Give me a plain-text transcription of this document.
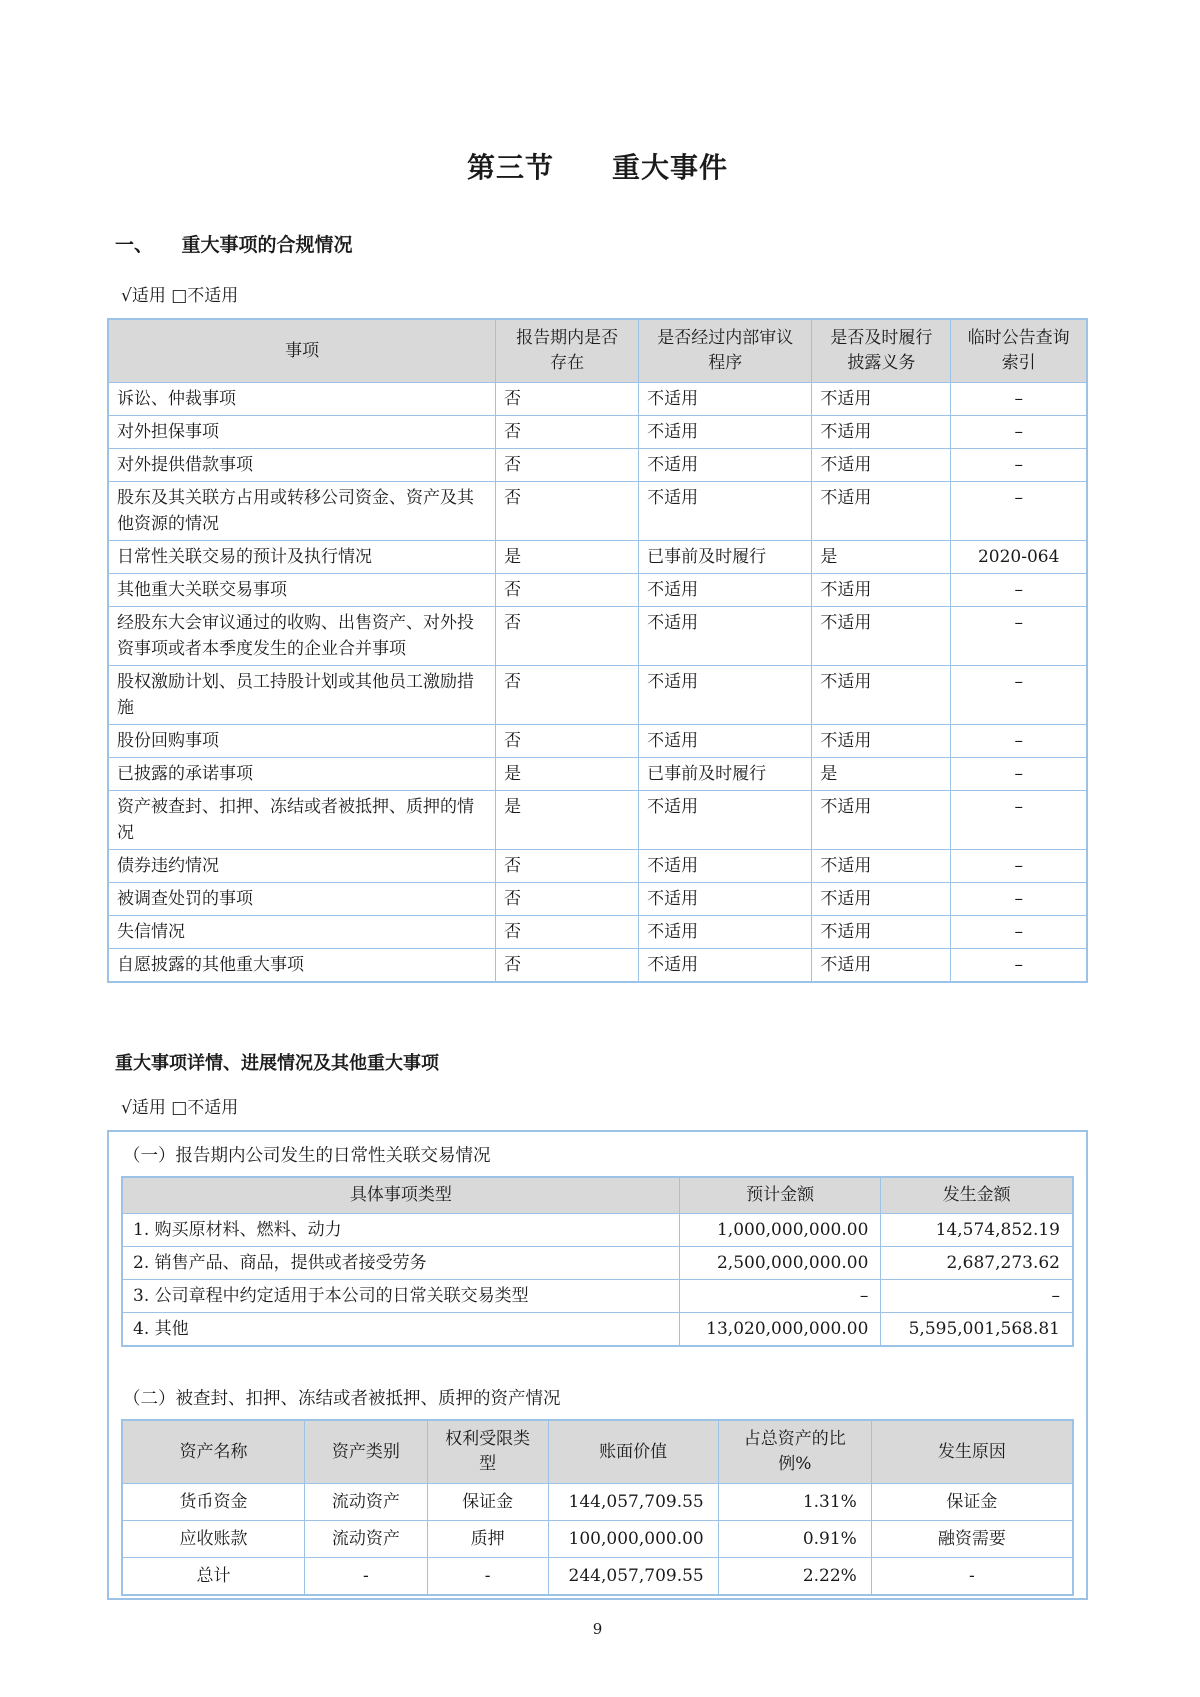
第三节　　重大事件
一、　　重大事项的合规情况
√适用 □不适用
事项	报告期内是否存在	是否经过内部审议程序	是否及时履行披露义务	临时公告查询索引
诉讼、仲裁事项	否	不适用	不适用	–
对外担保事项	否	不适用	不适用	–
对外提供借款事项	否	不适用	不适用	–
股东及其关联方占用或转移公司资金、资产及其他资源的情况	否	不适用	不适用	–
日常性关联交易的预计及执行情况	是	已事前及时履行	是	2020-064
其他重大关联交易事项	否	不适用	不适用	–
经股东大会审议通过的收购、出售资产、对外投资事项或者本季度发生的企业合并事项	否	不适用	不适用	–
股权激励计划、员工持股计划或其他员工激励措施	否	不适用	不适用	–
股份回购事项	否	不适用	不适用	–
已披露的承诺事项	是	已事前及时履行	是	–
资产被查封、扣押、冻结或者被抵押、质押的情况	是	不适用	不适用	–
债券违约情况	否	不适用	不适用	–
被调查处罚的事项	否	不适用	不适用	–
失信情况	否	不适用	不适用	–
自愿披露的其他重大事项	否	不适用	不适用	–
重大事项详情、进展情况及其他重大事项
√适用 □不适用
（一）报告期内公司发生的日常性关联交易情况
具体事项类型	预计金额	发生金额
1. 购买原材料、燃料、动力	1,000,000,000.00	14,574,852.19
2. 销售产品、商品，提供或者接受劳务	2,500,000,000.00	2,687,273.62
3. 公司章程中约定适用于本公司的日常关联交易类型	–	–
4. 其他	13,020,000,000.00	5,595,001,568.81
（二）被查封、扣押、冻结或者被抵押、质押的资产情况
资产名称	资产类别	权利受限类型	账面价值	占总资产的比例%	发生原因
货币资金	流动资产	保证金	144,057,709.55	1.31%	保证金
应收账款	流动资产	质押	100,000,000.00	0.91%	融资需要
总计	-	-	244,057,709.55	2.22%	-
9
